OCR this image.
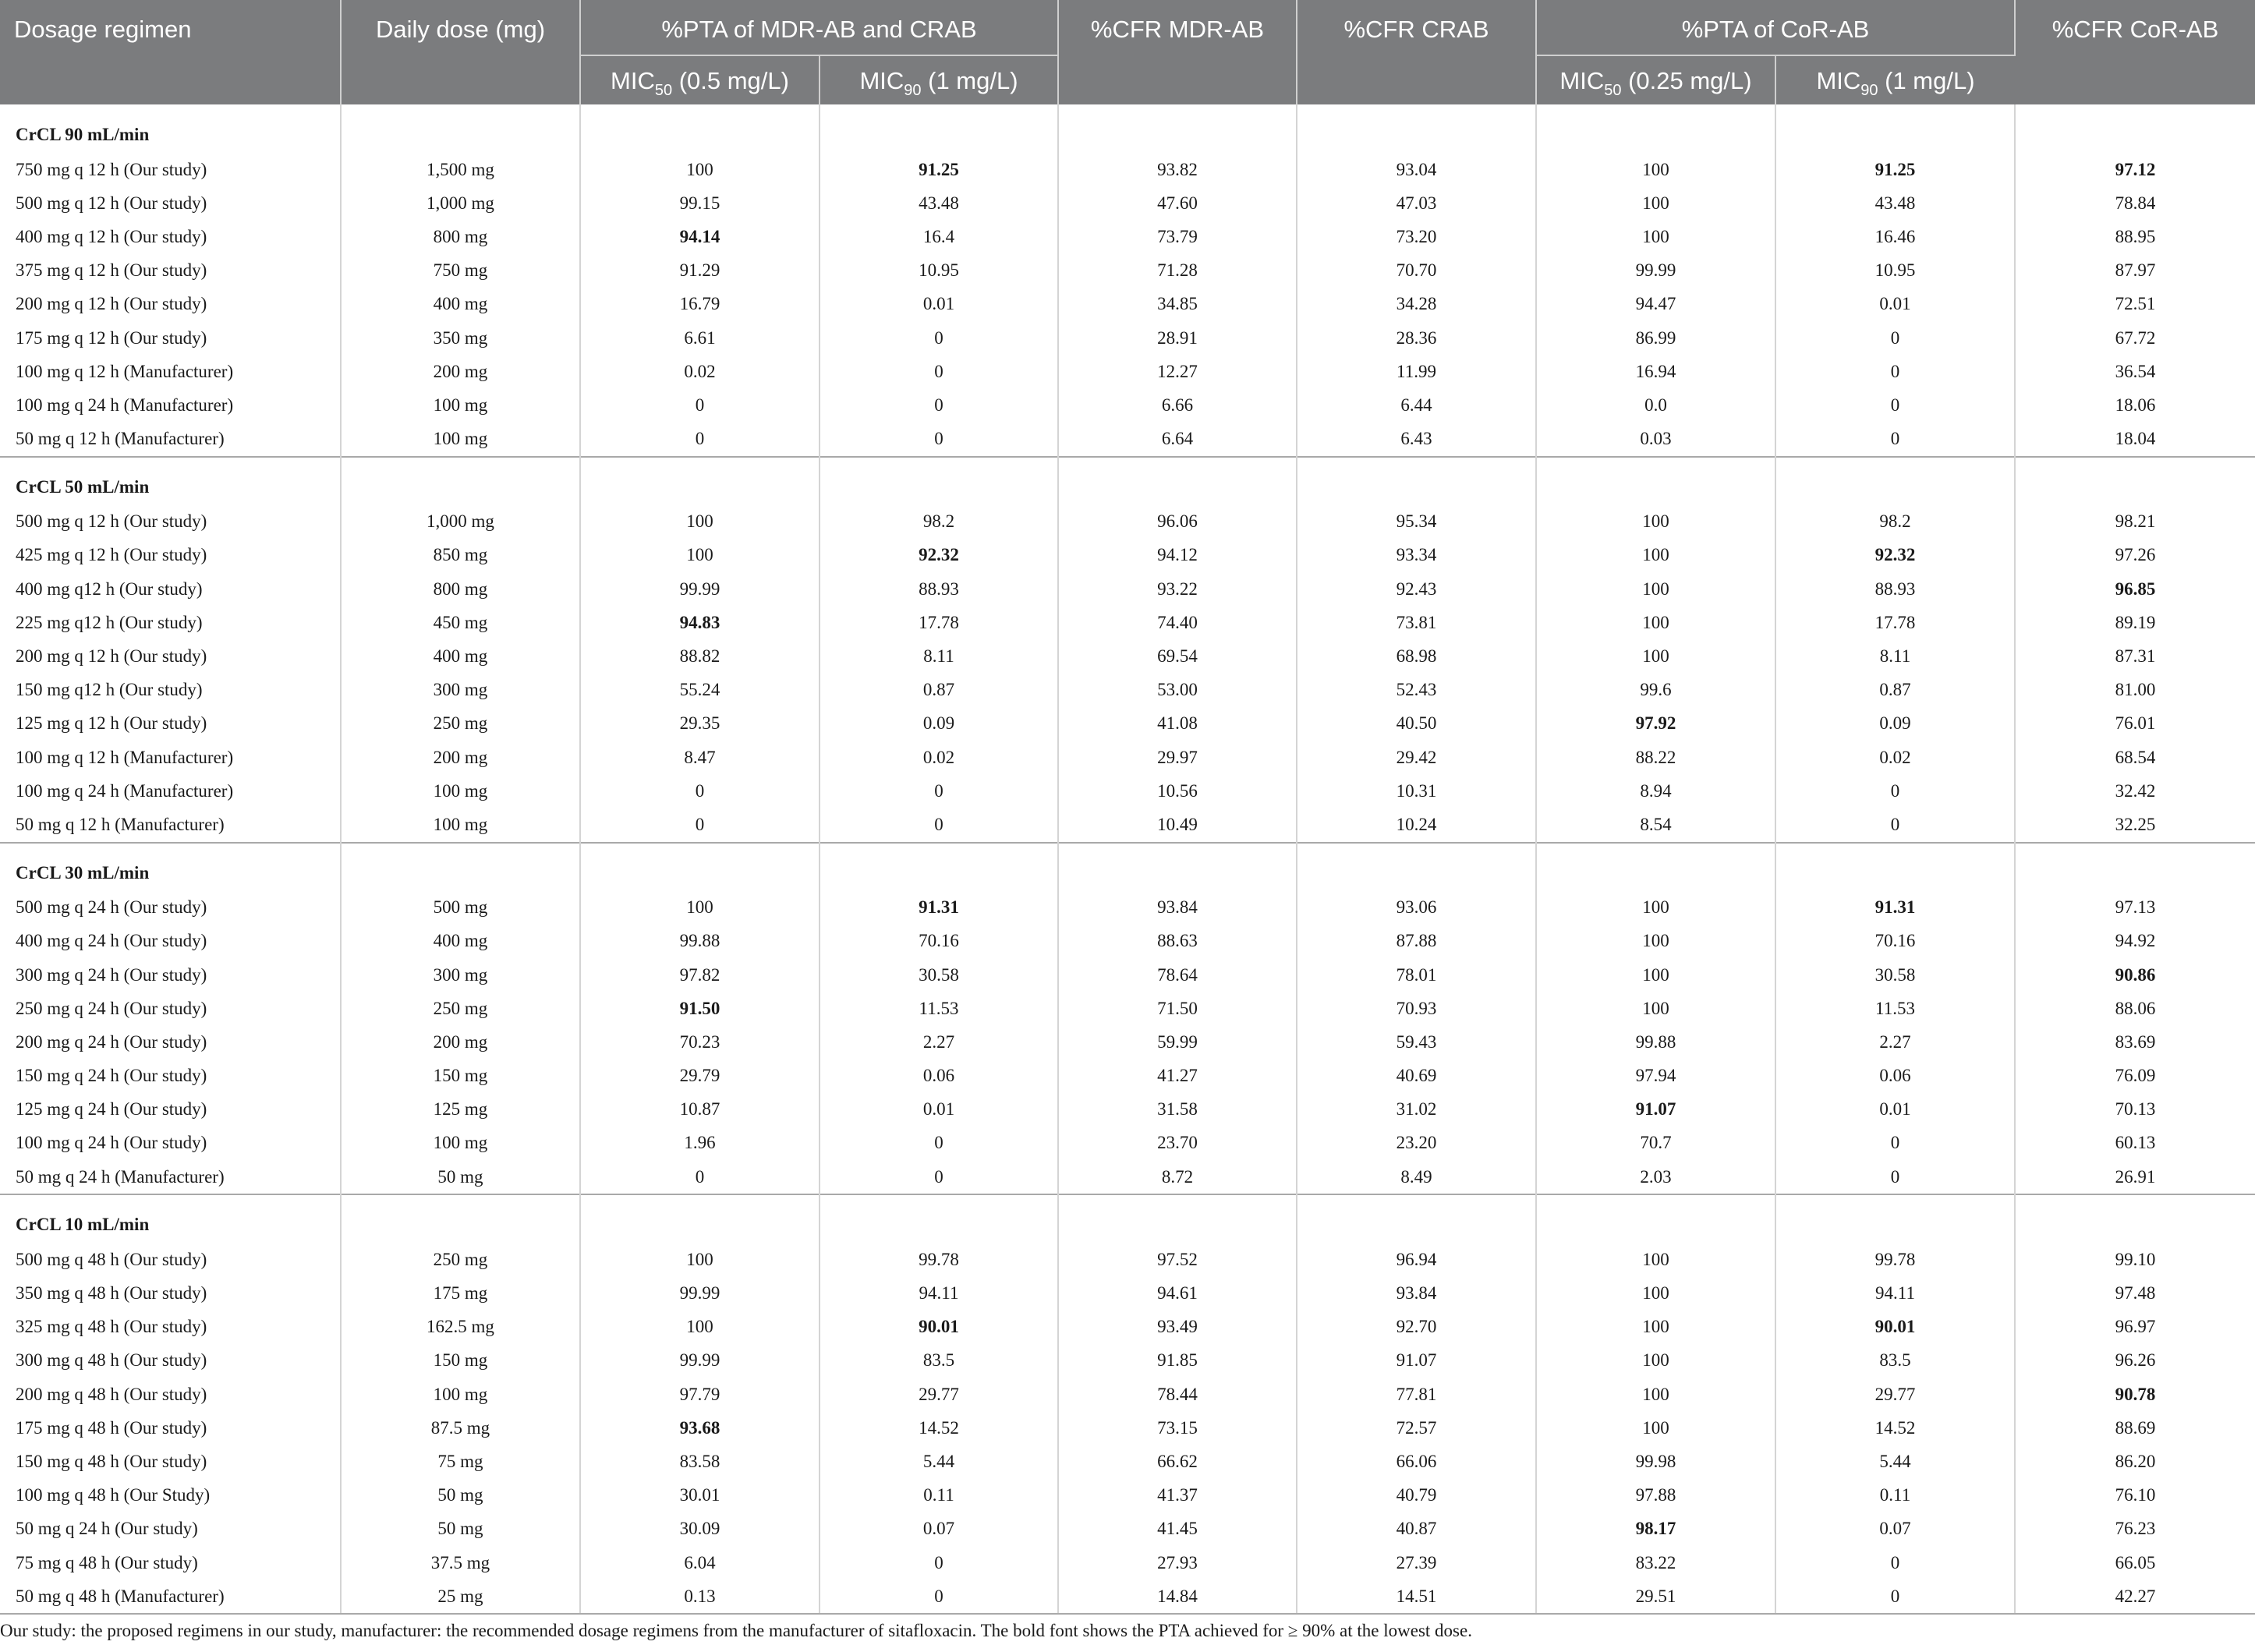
Dosage regimen	Daily dose (mg)	%PTA of MDR-AB and CRAB		%CFR MDR-AB	%CFR CRAB	%PTA of CoR-AB		%CFR CoR-AB
		$MIC_{50}$ (0.5 mg/L)	$MIC_{90}$ (1 mg/L)			$MIC_{50}$ (0.25 mg/L)	$MIC_{90}$ (1 mg/L)	
CrCL 90 mL/min								
750 mg q 12 h (Our study)	1,500 mg	100	91.25	93.82	93.04	100	91.25	97.12
500 mg q 12 h (Our study)	1,000 mg	99.15	43.48	47.60	47.03	100	43.48	78.84
400 mg q 12 h (Our study)	800 mg	94.14	16.4	73.79	73.20	100	16.46	88.95
375 mg q 12 h (Our study)	750 mg	91.29	10.95	71.28	70.70	99.99	10.95	87.97
200 mg q 12 h (Our study)	400 mg	16.79	0.01	34.85	34.28	94.47	0.01	72.51
175 mg q 12 h (Our study)	350 mg	6.61	0	28.91	28.36	86.99	0	67.72
100 mg q 12 h (Manufacturer)	200 mg	0.02	0	12.27	11.99	16.94	0	36.54
100 mg q 24 h (Manufacturer)	100 mg	0	0	6.66	6.44	0.0	0	18.06
50 mg q 12 h (Manufacturer)	100 mg	0	0	6.64	6.43	0.03	0	18.04
CrCL 50 mL/min								
500 mg q 12 h (Our study)	1,000 mg	100	98.2	96.06	95.34	100	98.2	98.21
425 mg q 12 h (Our study)	850 mg	100	92.32	94.12	93.34	100	92.32	97.26
400 mg q12 h (Our study)	800 mg	99.99	88.93	93.22	92.43	100	88.93	96.85
225 mg q12 h (Our study)	450 mg	94.83	17.78	74.40	73.81	100	17.78	89.19
200 mg q 12 h (Our study)	400 mg	88.82	8.11	69.54	68.98	100	8.11	87.31
150 mg q12 h (Our study)	300 mg	55.24	0.87	53.00	52.43	99.6	0.87	81.00
125 mg q 12 h (Our study)	250 mg	29.35	0.09	41.08	40.50	97.92	0.09	76.01
100 mg q 12 h (Manufacturer)	200 mg	8.47	0.02	29.97	29.42	88.22	0.02	68.54
100 mg q 24 h (Manufacturer)	100 mg	0	0	10.56	10.31	8.94	0	32.42
50 mg q 12 h (Manufacturer)	100 mg	0	0	10.49	10.24	8.54	0	32.25
CrCL 30 mL/min								
500 mg q 24 h (Our study)	500 mg	100	91.31	93.84	93.06	100	91.31	97.13
400 mg q 24 h (Our study)	400 mg	99.88	70.16	88.63	87.88	100	70.16	94.92
300 mg q 24 h (Our study)	300 mg	97.82	30.58	78.64	78.01	100	30.58	90.86
250 mg q 24 h (Our study)	250 mg	91.50	11.53	71.50	70.93	100	11.53	88.06
200 mg q 24 h (Our study)	200 mg	70.23	2.27	59.99	59.43	99.88	2.27	83.69
150 mg q 24 h (Our study)	150 mg	29.79	0.06	41.27	40.69	97.94	0.06	76.09
125 mg q 24 h (Our study)	125 mg	10.87	0.01	31.58	31.02	91.07	0.01	70.13
100 mg q 24 h (Our study)	100 mg	1.96	0	23.70	23.20	70.7	0	60.13
50 mg q 24 h (Manufacturer)	50 mg	0	0	8.72	8.49	2.03	0	26.91
CrCL 10 mL/min								
500 mg q 48 h (Our study)	250 mg	100	99.78	97.52	96.94	100	99.78	99.10
350 mg q 48 h (Our study)	175 mg	99.99	94.11	94.61	93.84	100	94.11	97.48
325 mg q 48 h (Our study)	162.5 mg	100	90.01	93.49	92.70	100	90.01	96.97
300 mg q 48 h (Our study)	150 mg	99.99	83.5	91.85	91.07	100	83.5	96.26
200 mg q 48 h (Our study)	100 mg	97.79	29.77	78.44	77.81	100	29.77	90.78
175 mg q 48 h (Our study)	87.5 mg	93.68	14.52	73.15	72.57	100	14.52	88.69
150 mg q 48 h (Our study)	75 mg	83.58	5.44	66.62	66.06	99.98	5.44	86.20
100 mg q 48 h (Our Study)	50 mg	30.01	0.11	41.37	40.79	97.88	0.11	76.10
50 mg q 24 h (Our study)	50 mg	30.09	0.07	41.45	40.87	98.17	0.07	76.23
75 mg q 48 h (Our study)	37.5 mg	6.04	0	27.93	27.39	83.22	0	66.05
50 mg q 48 h (Manufacturer)	25 mg	0.13	0	14.84	14.51	29.51	0	42.27
Our study: the proposed regimens in our study, manufacturer: the recommended dosage regimens from the manufacturer of sitafloxacin. The bold font shows the PTA achieved for ≥ 90% at the lowest dose.
